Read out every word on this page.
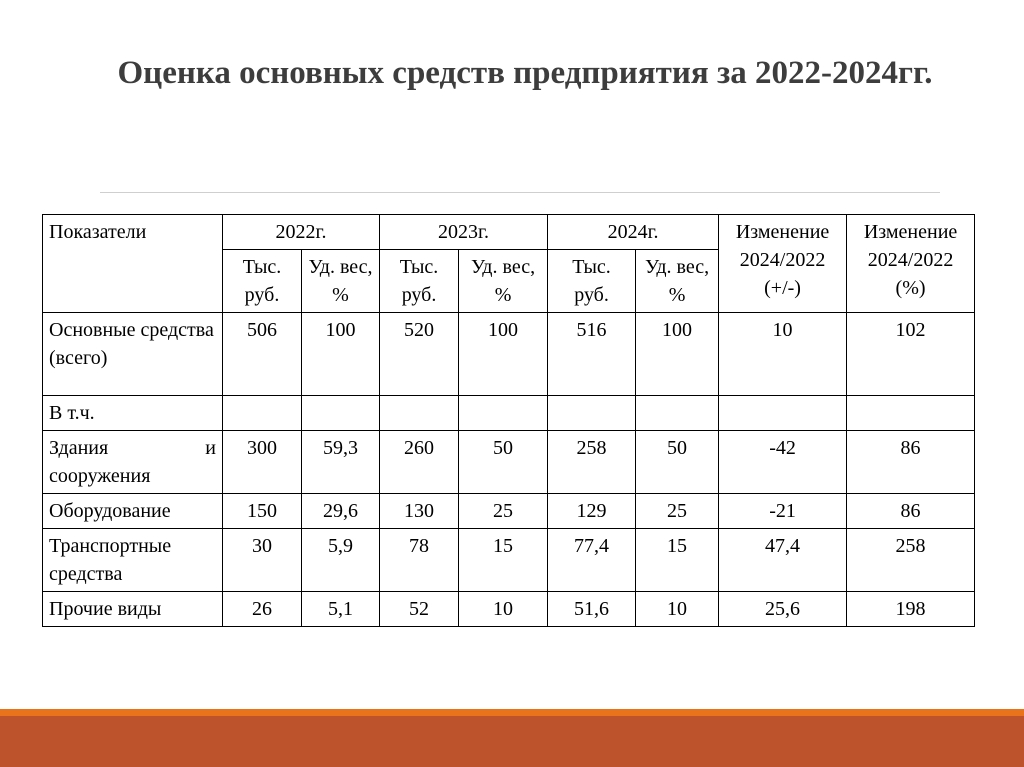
Оценка основных средств предприятия за 2022-2024гг.
Показатели	2022г.		2023г.		2024г.		Изменение 2024/2022 (+/-)	Изменение 2024/2022 (%)
	Тыс. руб.	Уд. вес, %	Тыс. руб.	Уд. вес, %	Тыс. руб.	Уд. вес, %		
Основные средства (всего)	506	100	520	100	516	100	10	102
В т.ч.								
Здания и сооружения	300	59,3	260	50	258	50	-42	86
Оборудование	150	29,6	130	25	129	25	-21	86
Транспортные средства	30	5,9	78	15	77,4	15	47,4	258
Прочие виды	26	5,1	52	10	51,6	10	25,6	198
